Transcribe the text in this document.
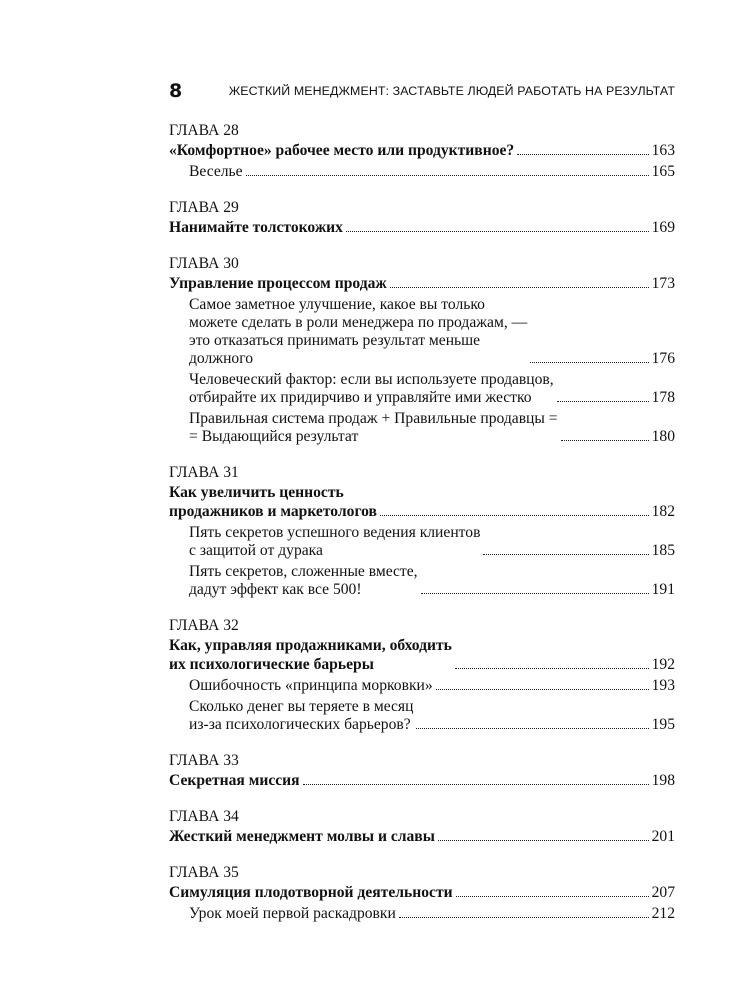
8	ЖЕСТКИЙ МЕНЕДЖМЕНТ: ЗАСТАВЬТЕ ЛЮДЕЙ РАБОТАТЬ НА РЕЗУЛЬТАТ
ГЛАВА 28
«Комфортное» рабочее место или продуктивное?	163
Веселье	165
ГЛАВА 29
Нанимайте толстокожих	169
ГЛАВА 30
Управление процессом продаж	173
Самое заметное улучшение, какое вы только
можете сделать в роли менеджера по продажам, —
это отказаться принимать результат меньше
должного	176
Человеческий фактор: если вы используете продавцов,
отбирайте их придирчиво и управляйте ими жестко	178
Правильная система продаж + Правильные продавцы =
= Выдающийся результат	180
ГЛАВА 31
Как увеличить ценность
продажников и маркетологов	182
Пять секретов успешного ведения клиентов
с защитой от дурака	185
Пять секретов, сложенные вместе,
дадут эффект как все 500!	191
ГЛАВА 32
Как, управляя продажниками, обходить
их психологические барьеры	192
Ошибочность «принципа морковки»	193
Сколько денег вы теряете в месяц
из-за психологических барьеров?	195
ГЛАВА 33
Секретная миссия	198
ГЛАВА 34
Жесткий менеджмент молвы и славы	201
ГЛАВА 35
Симуляция плодотворной деятельности	207
Урок моей первой раскадровки	212
